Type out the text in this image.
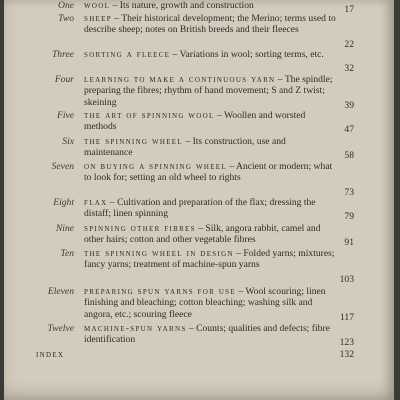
One wool – Its nature, growth and construction	17
Two sheep – Their historical development; the Merino; terms used to describe sheep; notes on British breeds and their fleeces
22
Three sorting a fleece – Variations in wool; sorting terms, etc.
32
Four learning to make a continuous yarn – The spindle; preparing the fibres; rhythm of hand movement; S and Z twist; skeining	39
Five the art of spinning wool – Woollen and worsted methods	47
Six the spinning wheel – Its construction, use and maintenance	58
Seven on buying a spinning wheel – Ancient or modern; what to look for; setting an old wheel to rights
73
Eight flax – Cultivation and preparation of the flax; dressing the distaff; linen spinning	79
Nine spinning other fibres – Silk, angora rabbit, camel and other hairs; cotton and other vegetable fibres	91
Ten the spinning wheel in design – Folded yarns; mixtures; fancy yarns; treatment of machine-spun yarns
103
Eleven preparing spun yarns for use – Wool scouring; linen finishing and bleaching; cotton bleaching; washing silk and angora, etc.; scouring fleece	117
Twelve machine-spun yarns – Counts; qualities and defects; fibre identification	123
index	132
